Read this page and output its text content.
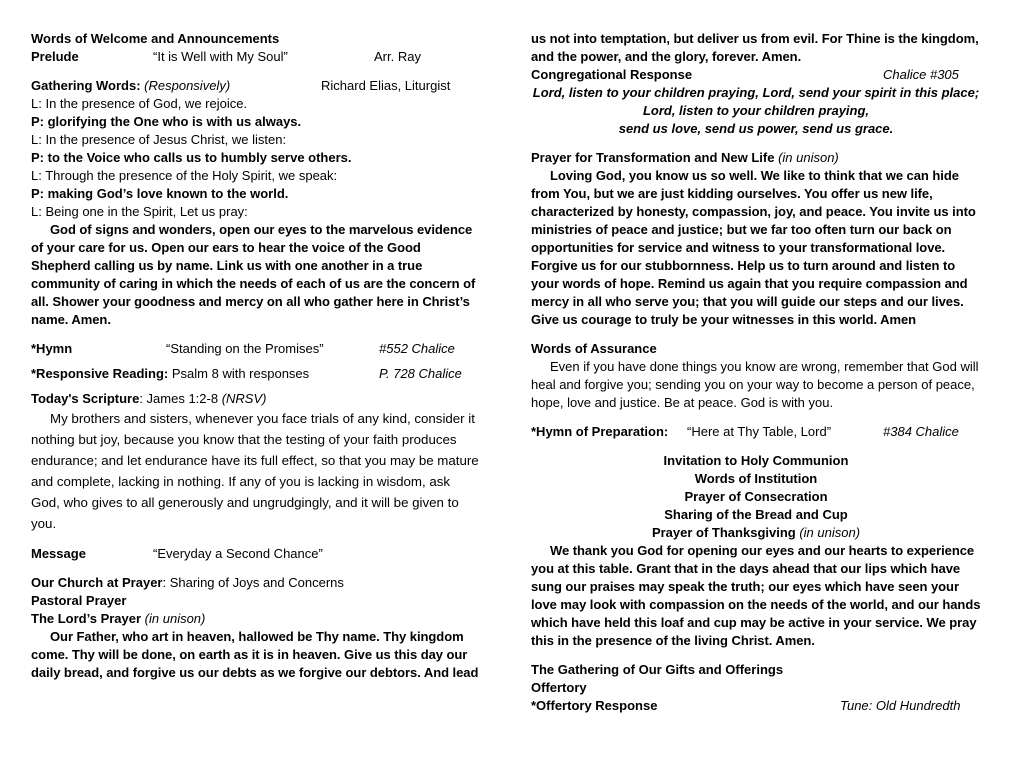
Words of Welcome and Announcements
Prelude	“It is Well with My Soul”	Arr. Ray
Gathering Words: (Responsively)	Richard Elias, Liturgist
L: In the presence of God, we rejoice.
P: glorifying the One who is with us always.
L: In the presence of Jesus Christ, we listen:
P: to the Voice who calls us to humbly serve others.
L: Through the presence of the Holy Spirit, we speak:
P: making God’s love known to the world.
L: Being one in the Spirit, Let us pray:
God of signs and wonders, open our eyes to the marvelous evidence of your care for us. Open our ears to hear the voice of the Good Shepherd calling us by name. Link us with one another in a true community of caring in which the needs of each of us are the concern of all. Shower your goodness and mercy on all who gather here in Christ’s name. Amen.
*Hymn	“Standing on the Promises”	#552 Chalice
*Responsive Reading: Psalm 8 with responses	P. 728 Chalice
Today's Scripture: James 1:2-8 (NRSV)
My brothers and sisters, whenever you face trials of any kind, consider it nothing but joy, because you know that the testing of your faith produces endurance; and let endurance have its full effect, so that you may be mature and complete, lacking in nothing. If any of you is lacking in wisdom, ask God, who gives to all generously and ungrudgingly, and it will be given to you.
Message	“Everyday a Second Chance”
Our Church at Prayer: Sharing of Joys and Concerns
Pastoral Prayer
The Lord’s Prayer (in unison)
Our Father, who art in heaven, hallowed be Thy name. Thy kingdom come. Thy will be done, on earth as it is in heaven. Give us this day our daily bread, and forgive us our debts as we forgive our debtors. And lead
us not into temptation, but deliver us from evil. For Thine is the kingdom, and the power, and the glory, forever. Amen.
Congregational Response	Chalice #305
Lord, listen to your children praying, Lord, send your spirit in this place;
Lord, listen to your children praying,
send us love, send us power, send us grace.
Prayer for Transformation and New Life (in unison)
Loving God, you know us so well. We like to think that we can hide from You, but we are just kidding ourselves. You offer us new life, characterized by honesty, compassion, joy, and peace. You invite us into ministries of peace and justice; but we far too often turn our back on opportunities for service and witness to your transformational love. Forgive us for our stubbornness. Help us to turn around and listen to your words of hope. Remind us again that you require compassion and mercy in all who serve you; that you will guide our steps and our lives. Give us courage to truly be your witnesses in this world. Amen
Words of Assurance
Even if you have done things you know are wrong, remember that God will heal and forgive you; sending you on your way to become a person of peace, hope, love and justice. Be at peace. God is with you.
*Hymn of Preparation: “Here at Thy Table, Lord”	#384 Chalice
Invitation to Holy Communion
Words of Institution
Prayer of Consecration
Sharing of the Bread and Cup
Prayer of Thanksgiving (in unison)
We thank you God for opening our eyes and our hearts to experience you at this table. Grant that in the days ahead that our lips which have sung our praises may speak the truth; our eyes which have seen your love may look with compassion on the needs of the world, and our hands which have held this loaf and cup may be active in your service. We pray this in the presence of the living Christ. Amen.
The Gathering of Our Gifts and Offerings
Offertory
*Offertory Response	Tune: Old Hundredth
